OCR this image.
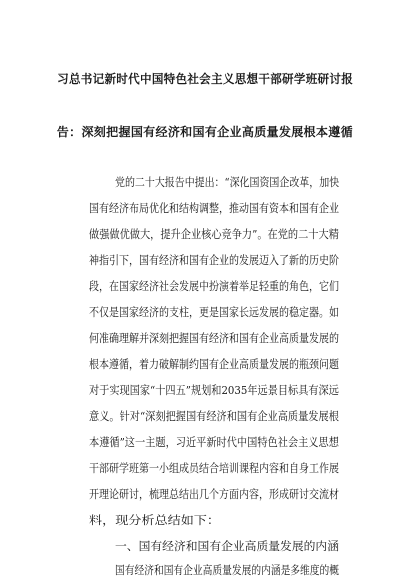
习总书记新时代中国特色社会主义思想干部研学班研讨报
告：深刻把握国有经济和国有企业高质量发展根本遵循
党的二十大报告中提出：“深化国资国企改革，加快
国有经济布局优化和结构调整，推动国有资本和国有企业
做强做优做大，提升企业核心竞争力”。在党的二十大精
神指引下，国有经济和国有企业的发展迈入了新的历史阶
段，在国家经济社会发展中扮演着举足轻重的角色，它们
不仅是国家经济的支柱，更是国家长远发展的稳定器。如
何准确理解并深刻把握国有经济和国有企业高质量发展的
根本遵循，着力破解制约国有企业高质量发展的瓶颈问题
对于实现国家“十四五”规划和2035年远景目标具有深远
意义。针对“深刻把握国有经济和国有企业高质量发展根
本遵循”这一主题，习近平新时代中国特色社会主义思想
干部研学班第一小组成员结合培训课程内容和自身工作展
开理论研讨，梳理总结出几个方面内容，形成研讨交流材
料，现分析总结如下：
一、国有经济和国有企业高质量发展的内涵
国有经济和国有企业高质量发展的内涵是多维度的概
